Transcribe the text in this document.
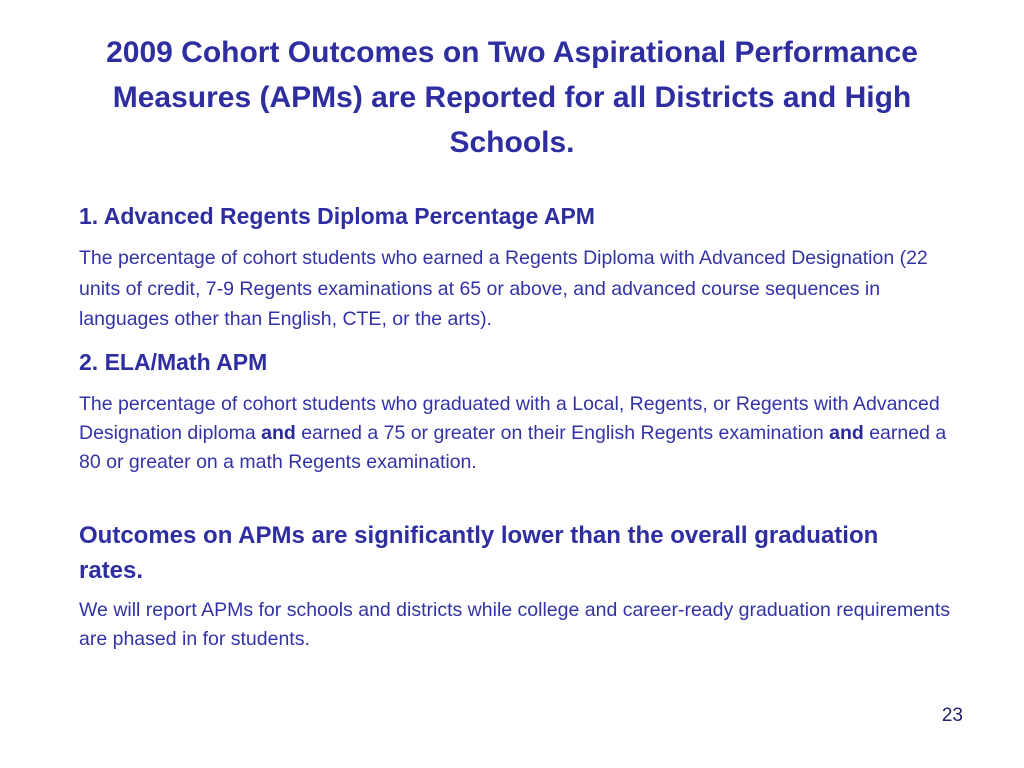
2009 Cohort Outcomes on Two Aspirational Performance Measures (APMs) are Reported for all Districts and High Schools.
1. Advanced Regents Diploma Percentage APM
The percentage of cohort students who earned a Regents Diploma with Advanced Designation (22 units of credit, 7-9 Regents examinations at 65 or above, and advanced course sequences in languages other than English, CTE, or the arts).
2. ELA/Math APM
The percentage of cohort students who graduated with a Local, Regents, or Regents with Advanced Designation diploma and earned a 75 or greater on their English Regents examination and earned a 80 or greater on a math Regents examination.
Outcomes on APMs are significantly lower than the overall graduation rates.
We will report APMs for schools and districts while college and career-ready graduation requirements are phased in for students.
23
